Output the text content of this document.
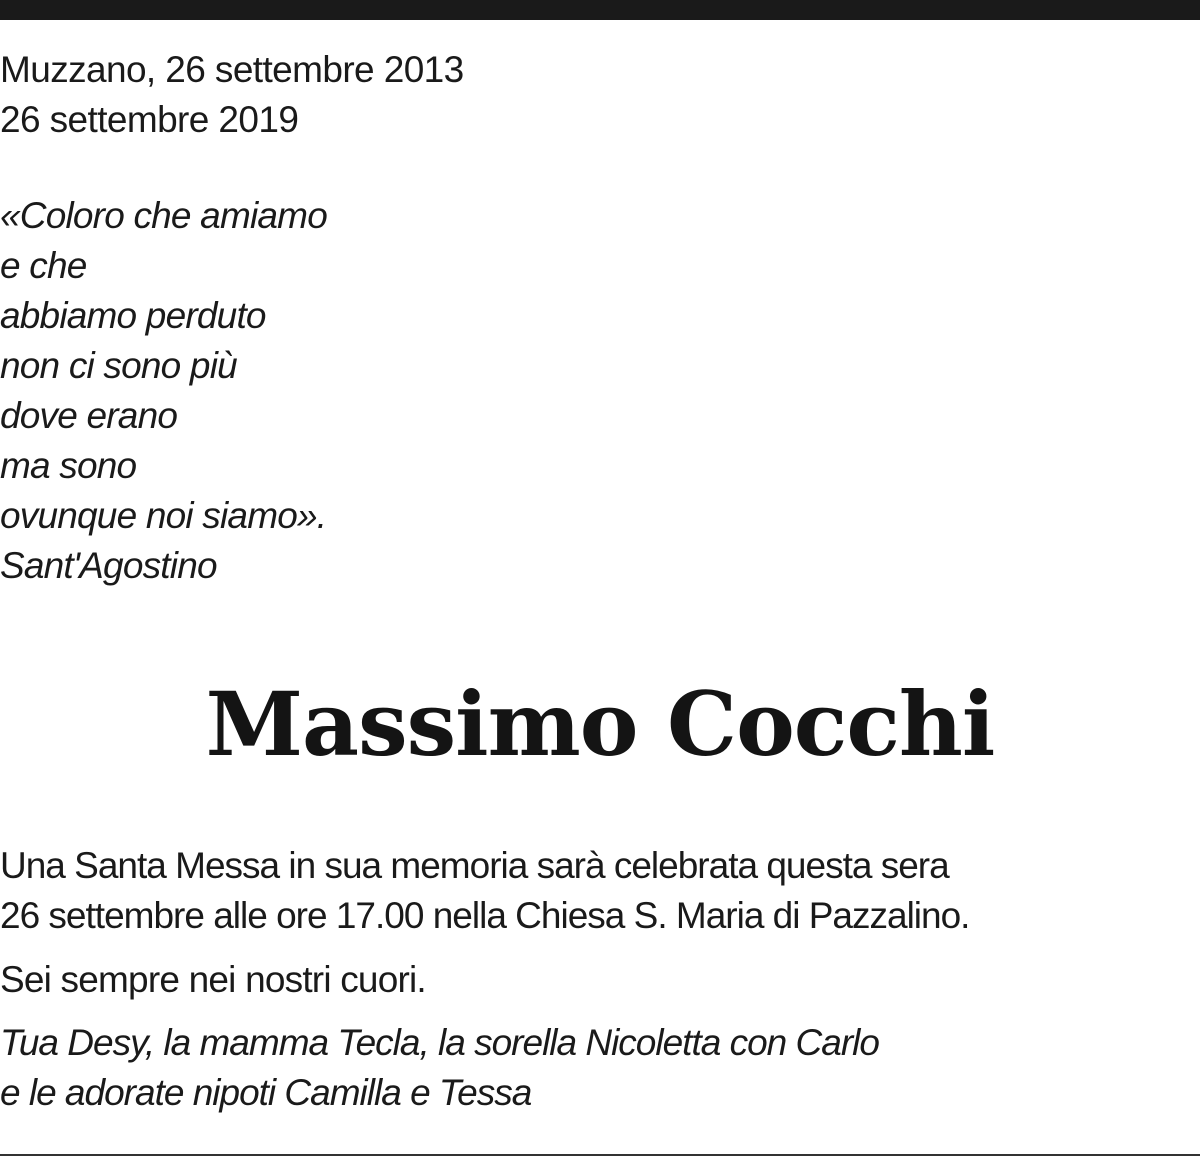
Muzzano, 26 settembre 2013
26 settembre 2019
«Coloro che amiamo
e che
abbiamo perduto
non ci sono più
dove erano
ma sono
ovunque noi siamo».
Sant'Agostino
Massimo Cocchi
Una Santa Messa in sua memoria sarà celebrata questa sera
26 settembre alle ore 17.00 nella Chiesa S. Maria di Pazzalino.
Sei sempre nei nostri cuori.
Tua Desy, la mamma Tecla, la sorella Nicoletta con Carlo
e le adorate nipoti Camilla e Tessa
